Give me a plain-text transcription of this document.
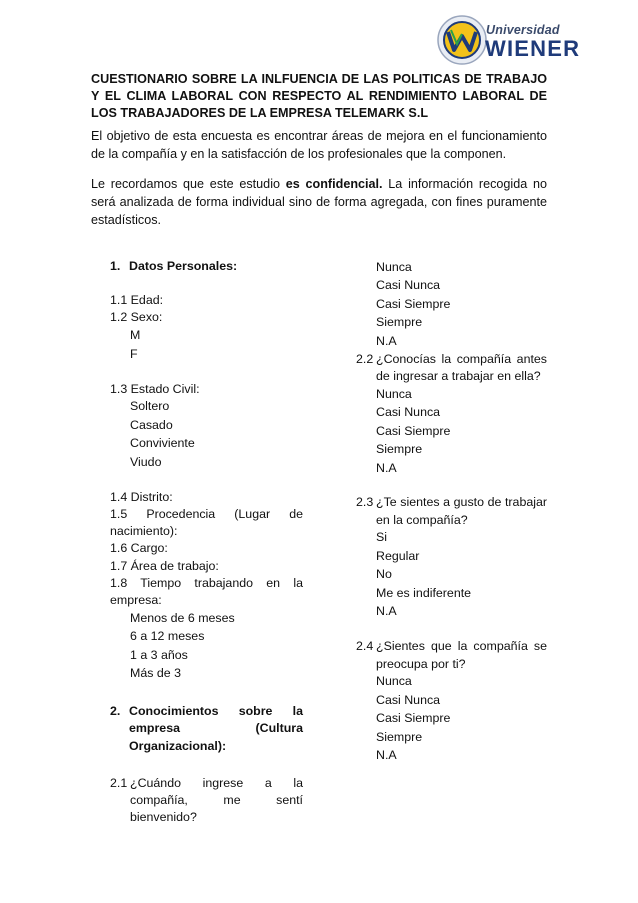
Universidad
WIENER
CUESTIONARIO SOBRE LA INLFUENCIA DE LAS POLITICAS DE TRABAJO Y EL CLIMA LABORAL CON RESPECTO AL RENDIMIENTO LABORAL DE LOS TRABAJADORES DE LA EMPRESA TELEMARK S.L

El objetivo de esta encuesta es encontrar áreas de mejora en el funcionamiento de la compañía y en la satisfacción de los profesionales que la componen.

Le recordamos que este estudio es confidencial. La información recogida no será analizada de forma individual sino de forma agregada, con fines puramente estadísticos.

1. Datos Personales:
1.1 Edad:
1.2 Sexo:
M
F
1.3 Estado Civil:
Soltero
Casado
Conviviente
Viudo
1.4 Distrito:
1.5 Procedencia (Lugar de
nacimiento):
1.6 Cargo:
1.7 Área de trabajo:
1.8 Tiempo trabajando en la
empresa:
Menos de 6 meses
6 a 12 meses
1 a 3 años
Más de 3
2. Conocimientos sobre la empresa (Cultura Organizacional):
2.1 ¿Cuándo ingrese a la compañía, me sentí bienvenido?
Nunca
Casi Nunca
Casi Siempre
Siempre
N.A
2.2 ¿Conocías la compañía antes de ingresar a trabajar en ella?
Nunca
Casi Nunca
Casi Siempre
Siempre
N.A
2.3 ¿Te sientes a gusto de trabajar en la compañía?
Si
Regular
No
Me es indiferente
N.A
2.4 ¿Sientes que la compañía se preocupa por ti?
Nunca
Casi Nunca
Casi Siempre
Siempre
N.A
